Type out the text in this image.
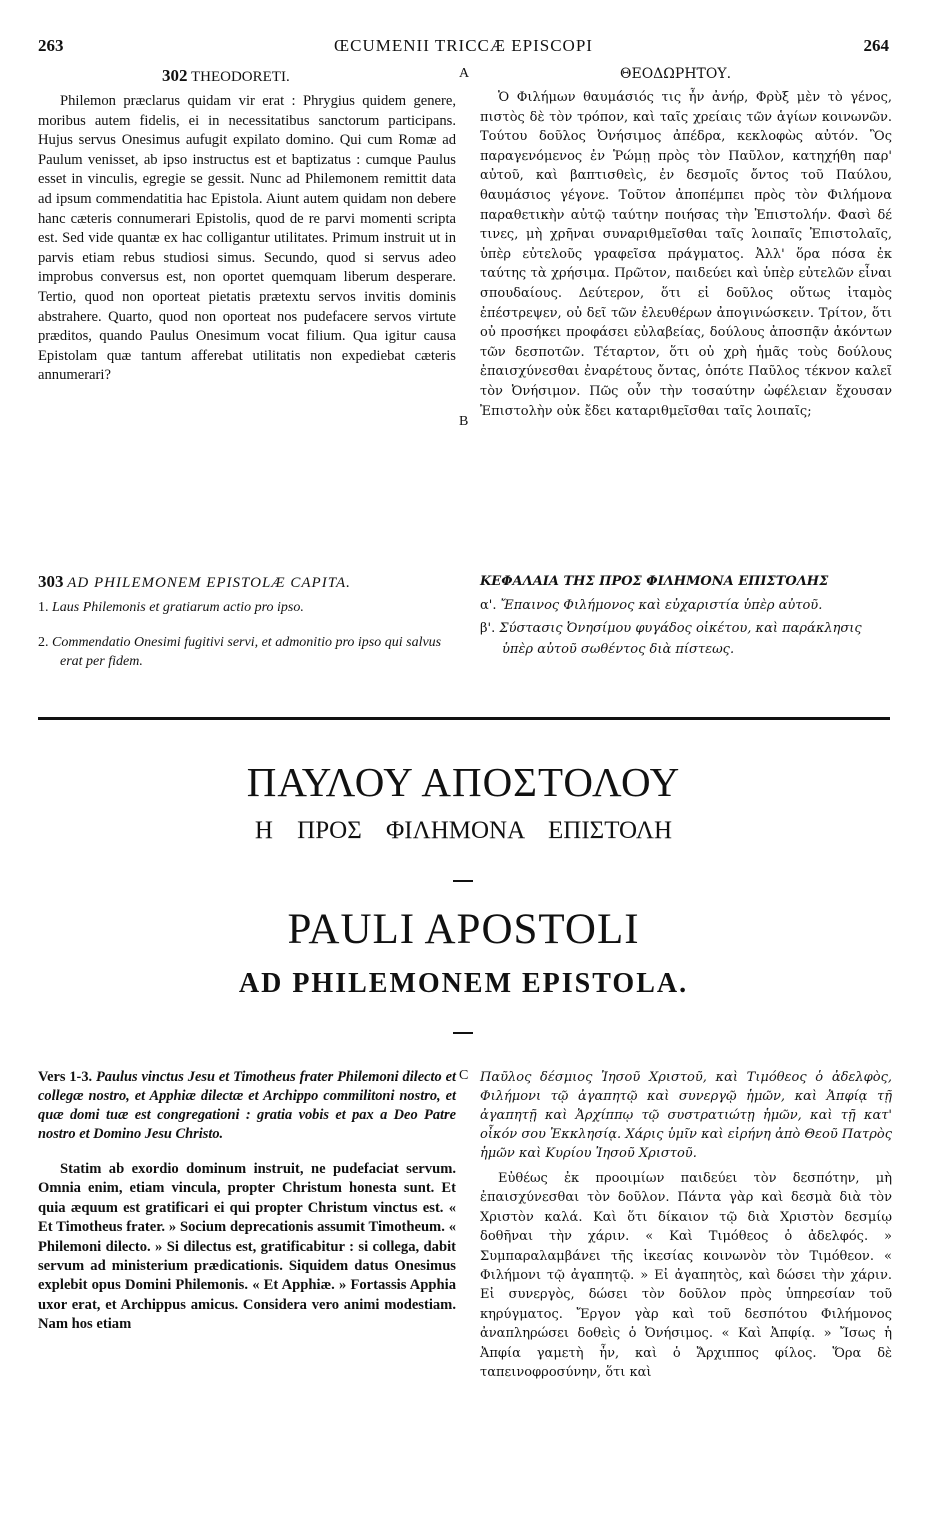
263	ŒCUMENII TRICCÆ EPISCOPI	264
302 THEODORETI.

Philemon præclarus quidam vir erat : Phrygius quidem genere, moribus autem fidelis, ei in necessitatibus sanctorum participans. Hujus servus Onesimus aufugit expilato domino. Qui cum Romæ ad Paulum venisset, ab ipso instructus est et baptizatus : cumque Paulus esset in vinculis, egregie se gessit. Nunc ad Philemonem remittit data ad ipsum commendatitia hac Epistola. Aiunt autem quidam non debere hanc cæteris connumerari Epistolis, quod de re parvi momenti scripta est. Sed vide quantæ ex hac colligantur utilitates. Primum instruit ut in parvis etiam rebus studiosi simus. Secundo, quod si servus adeo improbus conversus est, non oportet quemquam liberum desperare. Tertio, quod non oporteat pietatis prætextu servos invitis dominis abstrahere. Quarto, quod non oporteat nos pudefacere servos virtute præditos, quando Paulus Onesimum vocat filium. Qua igitur causa Epistolam quæ tantum afferebat utilitatis non expediebat cæteris annumerari?

ΘΕΟΔΩΡΗΤΟΥ.

Ὁ Φιλήμων θαυμάσιός τις ἦν ἀνήρ, Φρὺξ μὲν τὸ γένος, πιστὸς δὲ τὸν τρόπον, καὶ ταῖς χρείαις τῶν ἁγίων κοινωνῶν. Τούτου δοῦλος Ὀνήσιμος ἀπέδρα, κεκλοφὼς αὐτόν. Ὃς παραγενόμενος ἐν Ῥώμῃ πρὸς τὸν Παῦλον, κατηχήθη παρ' αὐτοῦ, καὶ βαπτισθεὶς, ἐν δεσμοῖς ὄντος τοῦ Παύλου, θαυμάσιος γέγονε. Τοῦτον ἀποπέμπει πρὸς τὸν Φιλήμονα παραθετικὴν αὐτῷ ταύτην ποιήσας τὴν Ἐπιστολήν. Φασὶ δέ τινες, μὴ χρῆναι συναριθμεῖσθαι ταῖς λοιπαῖς Ἐπιστολαῖς, ὑπὲρ εὐτελοῦς γραφεῖσα πράγματος. Ἀλλ' ὅρα πόσα ἐκ ταύτης τὰ χρήσιμα. Πρῶτον, παιδεύει καὶ ὑπὲρ εὐτελῶν εἶναι σπουδαίους. Δεύτερον, ὅτι εἰ δοῦλος οὕτως ἰταμὸς ἐπέστρεψεν, οὐ δεῖ τῶν ἐλευθέρων ἀπογινώσκειν. Τρίτον, ὅτι οὐ προσήκει προφάσει εὐλαβείας, δούλους ἀποσπᾷν ἀκόντων τῶν δεσποτῶν. Τέταρτον, ὅτι οὐ χρὴ ἡμᾶς τοὺς δούλους ἐπαισχύνεσθαι ἐναρέτους ὄντας, ὁπότε Παῦλος τέκνον καλεῖ τὸν Ὀνήσιμον. Πῶς οὖν τὴν τοσαύτην ὠφέλειαν ἔχουσαν Ἐπιστολὴν οὐκ ἔδει καταριθμεῖσθαι ταῖς λοιπαῖς;

A
B
C
303 AD PHILEMONEM EPISTOLÆ CAPITA.

1. Laus Philemonis et gratiarum actio pro ipso.

2. Commendatio Onesimi fugitivi servi, et admonitio pro ipso qui salvus erat per fidem.

ΚΕΦΑΛΑΙΑ ΤΗΣ ΠΡΟΣ ΦΙΛΗΜΟΝΑ ΕΠΙΣΤΟΛΗΣ

α'. Ἔπαινος Φιλήμονος καὶ εὐχαριστία ὑπὲρ αὐτοῦ.

β'. Σύστασις Ὀνησίμου φυγάδος οἰκέτου, καὶ παράκλησις ὑπὲρ αὐτοῦ σωθέντος διὰ πίστεως.

ΠΑΥΛΟΥ ΑΠΟΣΤΟΛΟΥ
Η ΠΡΟΣ ΦΙΛΗΜΟΝΑ ΕΠΙΣΤΟΛΗ
PAULI APOSTOLI
AD PHILEMONEM EPISTOLA.

Vers 1-3. Paulus vinctus Jesu et Timotheus frater Philemoni dilecto et collegæ nostro, et Apphiæ dilectæ et Archippo commilitoni nostro, et quæ domi tuæ est congregationi : gratia vobis et pax a Deo Patre nostro et Domino Jesu Christo.

Statim ab exordio dominum instruit, ne pudefaciat servum. Omnia enim, etiam vincula, propter Christum honesta sunt. Et quia æquum est gratificari ei qui propter Christum vinctus est. « Et Timotheus frater. » Socium deprecationis assumit Timotheum. « Philemoni dilecto. » Si dilectus est, gratificabitur : si collega, dabit servum ad ministerium prædicationis. Siquidem datus Onesimus explebit opus Domini Philemonis. « Et Apphiæ. » Fortassis Apphia uxor erat, et Archippus amicus. Considera vero animi modestiam. Nam hos etiam

Παῦλος δέσμιος Ἰησοῦ Χριστοῦ, καὶ Τιμόθεος ὁ ἀδελφὸς, Φιλήμονι τῷ ἀγαπητῷ καὶ συνεργῷ ἡμῶν, καὶ Ἀπφίᾳ τῇ ἀγαπητῇ καὶ Ἀρχίππῳ τῷ συστρατιώτῃ ἡμῶν, καὶ τῇ κατ' οἶκόν σου Ἐκκλησίᾳ. Χάρις ὑμῖν καὶ εἰρήνη ἀπὸ Θεοῦ Πατρὸς ἡμῶν καὶ Κυρίου Ἰησοῦ Χριστοῦ.

Εὐθέως ἐκ προοιμίων παιδεύει τὸν δεσπότην, μὴ ἐπαισχύνεσθαι τὸν δοῦλον. Πάντα γὰρ καὶ δεσμὰ διὰ τὸν Χριστὸν καλά. Καὶ ὅτι δίκαιον τῷ διὰ Χριστὸν δεσμίῳ δοθῆναι τὴν χάριν. « Καὶ Τιμόθεος ὁ ἀδελφός. » Συμπαραλαμβάνει τῆς ἱκεσίας κοινωνὸν τὸν Τιμόθεον. « Φιλήμονι τῷ ἀγαπητῷ. » Εἰ ἀγαπητὸς, καὶ δώσει τὴν χάριν. Εἰ συνεργὸς, δώσει τὸν δοῦλον πρὸς ὑπηρεσίαν τοῦ κηρύγματος. Ἔργον γὰρ καὶ τοῦ δεσπότου Φιλήμονος ἀναπληρώσει δοθεὶς ὁ Ὀνήσιμος. « Καὶ Ἀπφίᾳ. » Ἴσως ἡ Ἀπφία γαμετὴ ἦν, καὶ ὁ Ἄρχιππος φίλος. Ὅρα δὲ ταπεινοφροσύνην, ὅτι καὶ
